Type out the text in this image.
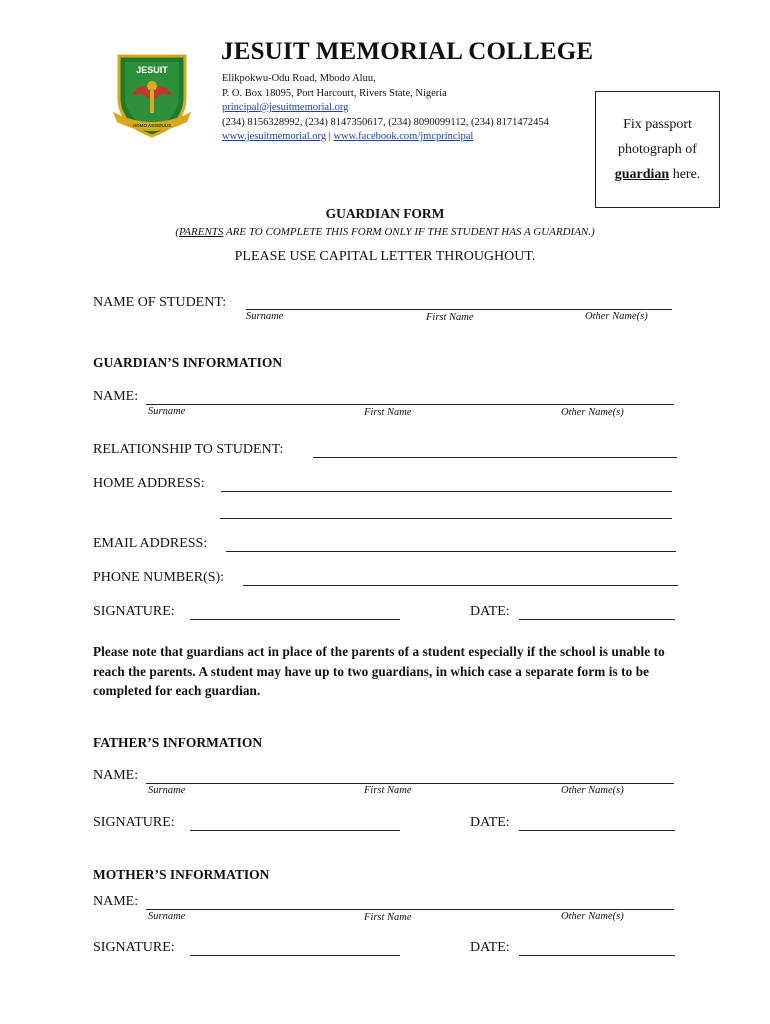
JESUIT
HOMO ASSIDUUS
JESUIT MEMORIAL COLLEGE
Elikpokwu-Odu Road, Mbodo Aluu,
P. O. Box 18095, Port Harcourt, Rivers State, Nigeria
principal@jesuitmemorial.org
(234) 8156328992, (234) 8147350617, (234) 8090099112, (234) 8171472454
www.jesuitmemorial.org | www.facebook.com/jmcprincipal
Fix passport
photograph of
guardian here.
GUARDIAN FORM
(PARENTS ARE TO COMPLETE THIS FORM ONLY IF THE STUDENT HAS A GUARDIAN.)
PLEASE USE CAPITAL LETTER THROUGHOUT.
NAME OF STUDENT:
Surname	First Name	Other Name(s)
GUARDIAN’S INFORMATION
NAME:
Surname	First Name	Other Name(s)
RELATIONSHIP TO STUDENT:
HOME ADDRESS:
EMAIL ADDRESS:
PHONE NUMBER(S):
SIGNATURE:	DATE:
Please note that guardians act in place of the parents of a student especially if the school is unable to reach the parents. A student may have up to two guardians, in which case a separate form is to be completed for each guardian.
FATHER’S INFORMATION
NAME:
Surname	First Name	Other Name(s)
SIGNATURE:	DATE:
MOTHER’S INFORMATION
NAME:
Surname	First Name	Other Name(s)
SIGNATURE:	DATE:
